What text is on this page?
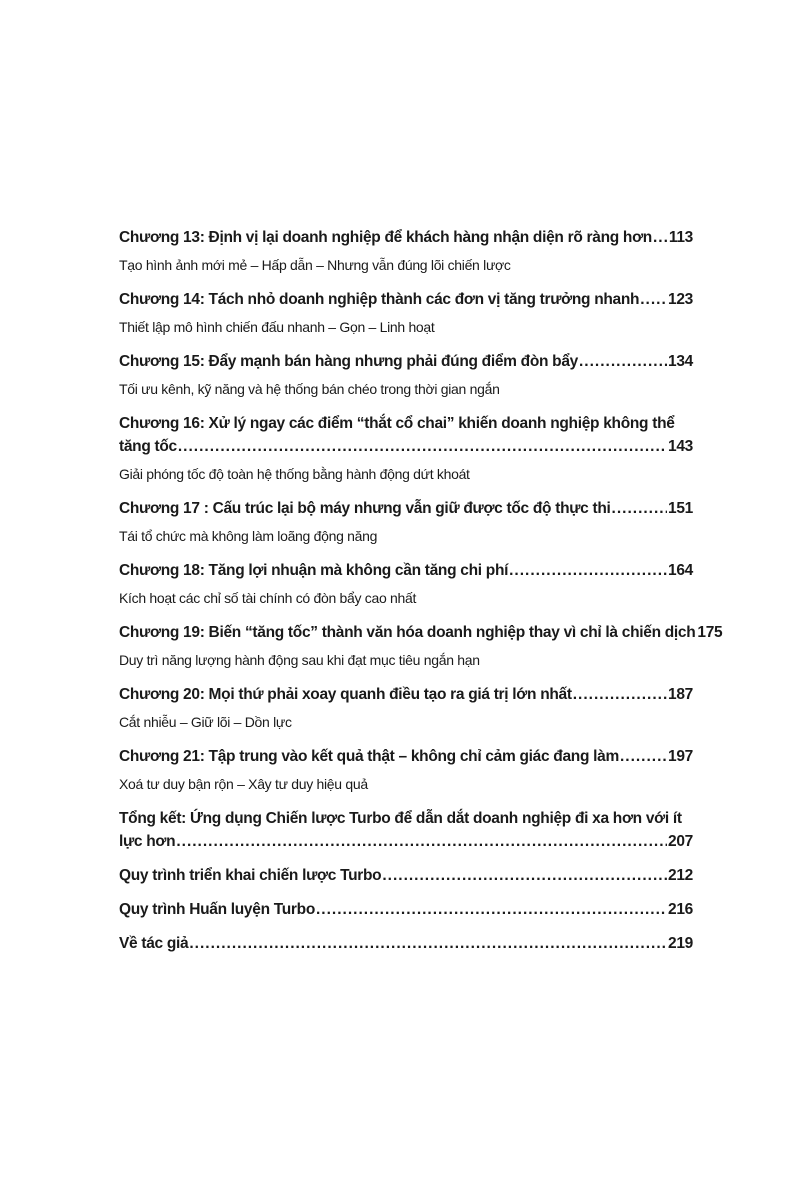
Chương 13: Định vị lại doanh nghiệp để khách hàng nhận diện rõ ràng hơn ..... 113
Tạo hình ảnh mới mẻ – Hấp dẫn – Nhưng vẫn đúng lõi chiến lược
Chương 14: Tách nhỏ doanh nghiệp thành các đơn vị tăng trưởng nhanh ..... 123
Thiết lập mô hình chiến đấu nhanh – Gọn – Linh hoạt
Chương 15: Đẩy mạnh bán hàng nhưng phải đúng điểm đòn bẩy .....	134
Tối ưu kênh, kỹ năng và hệ thống bán chéo trong thời gian ngắn
Chương 16: Xử lý ngay các điểm “thắt cổ chai” khiến doanh nghiệp không thể
tăng tốc .....	143
Giải phóng tốc độ toàn hệ thống bằng hành động dứt khoát
Chương 17 : Cấu trúc lại bộ máy nhưng vẫn giữ được tốc độ thực thi .....	151
Tái tổ chức mà không làm loãng động năng
Chương 18: Tăng lợi nhuận mà không cần tăng chi phí .....	164
Kích hoạt các chỉ số tài chính có đòn bẩy cao nhất
Chương 19: Biến “tăng tốc” thành văn hóa doanh nghiệp thay vì chỉ là chiến dịch 175
Duy trì năng lượng hành động sau khi đạt mục tiêu ngắn hạn
Chương 20: Mọi thứ phải xoay quanh điều tạo ra giá trị lớn nhất .....	187
Cắt nhiễu – Giữ lõi – Dồn lực
Chương 21: Tập trung vào kết quả thật – không chỉ cảm giác đang làm .....	197
Xoá tư duy bận rộn – Xây tư duy hiệu quả
Tổng kết: Ứng dụng Chiến lược Turbo để dẫn dắt doanh nghiệp đi xa hơn với ít
lực hơn .....	207
Quy trình triển khai chiến lược Turbo .....	212
Quy trình Huấn luyện Turbo .....	216
Về tác giả .....	219
